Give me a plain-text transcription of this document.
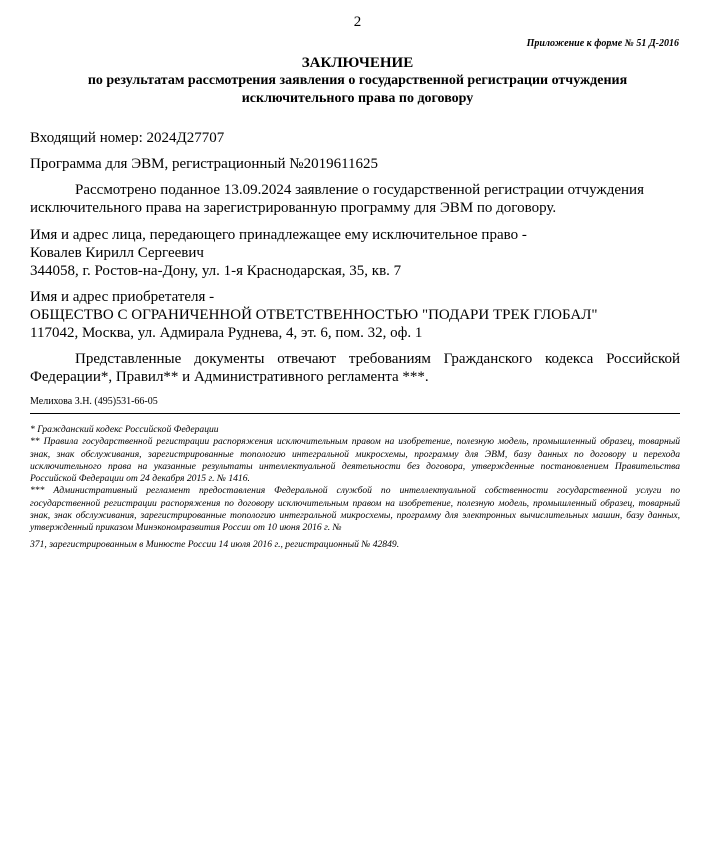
2
Приложение к форме № 51 Д-2016
ЗАКЛЮЧЕНИЕ
по результатам рассмотрения заявления о государственной регистрации отчуждения
исключительного права по договору
Входящий номер: 2024Д27707
Программа для ЭВМ, регистрационный №2019611625
Рассмотрено поданное 13.09.2024 заявление о государственной регистрации отчуждения
исключительного права на зарегистрированную программу для ЭВМ по договору.
Имя и адрес лица, передающего принадлежащее ему исключительное право -
Ковалев Кирилл Сергеевич
344058, г. Ростов-на-Дону, ул. 1-я Краснодарская, 35, кв. 7
Имя и адрес приобретателя -
ОБЩЕСТВО С ОГРАНИЧЕННОЙ ОТВЕТСТВЕННОСТЬЮ "ПОДАРИ ТРЕК ГЛОБАЛ"
117042, Москва, ул. Адмирала Руднева, 4, эт. 6, пом. 32, оф. 1
Представленные документы отвечают требованиям Гражданского кодекса Российской
Федерации*, Правил** и Административного регламента ***.
Мелихова З.Н. (495)531-66-05

* Гражданский кодекс Российской Федерации

** Правила государственной регистрации распоряжения исключительным правом на изобретение, полезную модель, промышленный образец, товарный знак, знак обслуживания, зарегистрированные топологию интегральной микросхемы, программу для ЭВМ, базу данных по договору и перехода исключительного права на указанные результаты интеллектуальной деятельности без договора, утвержденные постановлением Правительства Российской Федерации от 24 декабря 2015 г. № 1416.

*** Административный регламент предоставления Федеральной службой по интеллектуальной собственности государственной услуги по государственной регистрации распоряжения по договору исключительным правом на изобретение, полезную модель, промышленный образец, товарный знак, знак обслуживания, зарегистрированные топологию интегральной микросхемы, программу для электронных вычислительных машин, базу данных, утвержденный приказом Минэкономразвития России от 10 июня 2016 г. №
371, зарегистрированным в Минюсте России 14 июля 2016 г., регистрационный № 42849.
